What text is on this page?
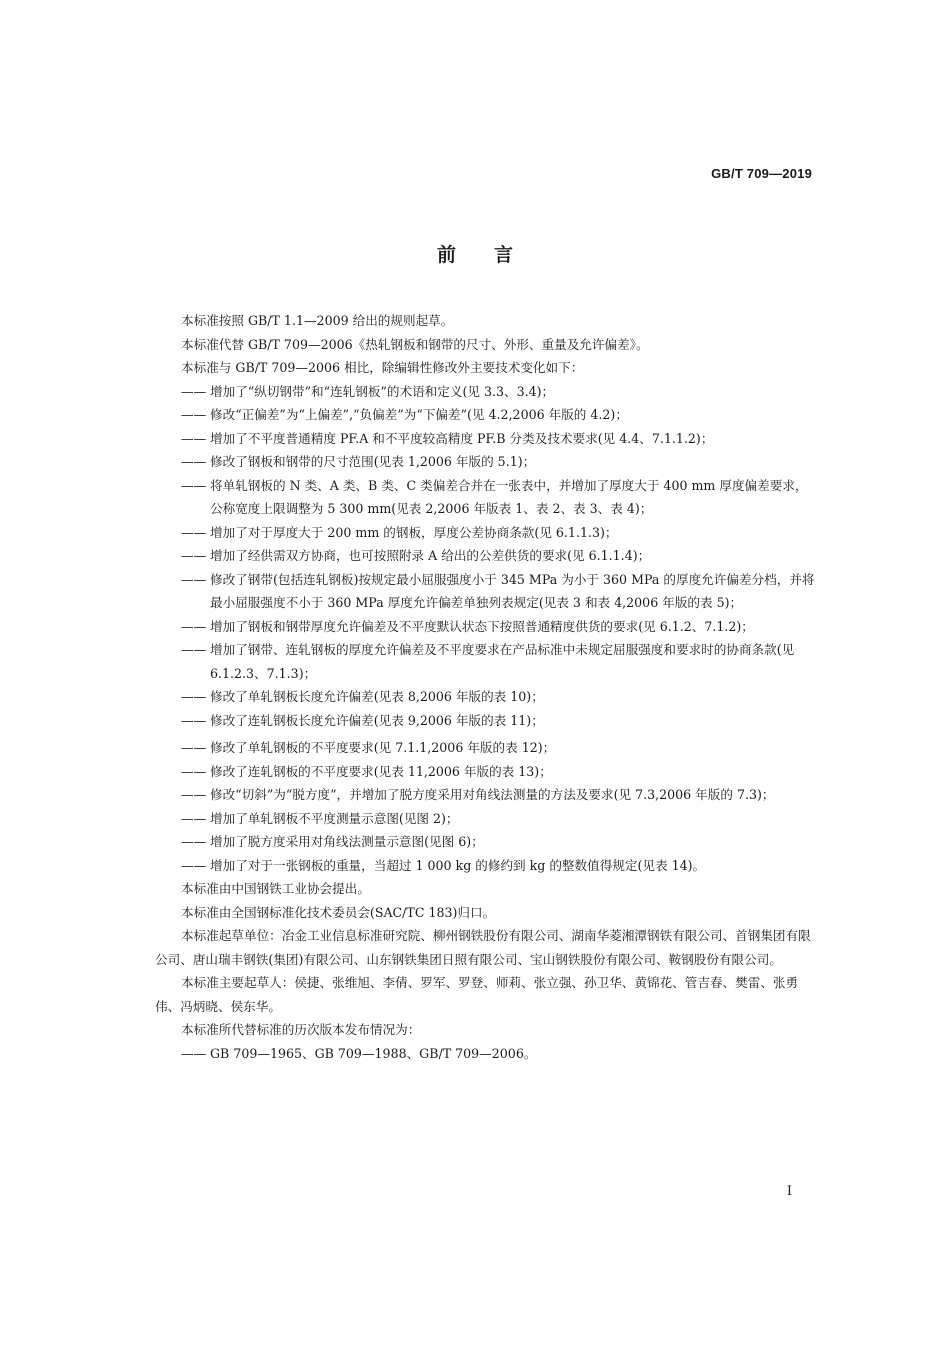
GB/T 709—2019
前言

本标准按照 GB/T 1.1—2009 给出的规则起草。

本标准代替 GB/T 709—2006《热轧钢板和钢带的尺寸、外形、重量及允许偏差》。

本标准与 GB/T 709—2006 相比，除编辑性修改外主要技术变化如下：

—— 增加了“纵切钢带”和“连轧钢板”的术语和定义(见 3.3、3.4)；
—— 修改“正偏差”为“上偏差”,“负偏差”为“下偏差”(见 4.2,2006 年版的 4.2)；
—— 增加了不平度普通精度 PF.A 和不平度较高精度 PF.B 分类及技术要求(见 4.4、7.1.1.2)；
—— 修改了钢板和钢带的尺寸范围(见表 1,2006 年版的 5.1)；
—— 将单轧钢板的 N 类、A 类、B 类、C 类偏差合并在一张表中，并增加了厚度大于 400 mm 厚度偏差要求，公称宽度上限调整为 5 300 mm(见表 2,2006 年版表 1、表 2、表 3、表 4)；
—— 增加了对于厚度大于 200 mm 的钢板，厚度公差协商条款(见 6.1.1.3)；
—— 增加了经供需双方协商，也可按照附录 A 给出的公差供货的要求(见 6.1.1.4)；
—— 修改了钢带(包括连轧钢板)按规定最小屈服强度小于 345 MPa 为小于 360 MPa 的厚度允许偏差分档，并将最小屈服强度不小于 360 MPa 厚度允许偏差单独列表规定(见表 3 和表 4,2006 年版的表 5)；
—— 增加了钢板和钢带厚度允许偏差及不平度默认状态下按照普通精度供货的要求(见 6.1.2、7.1.2)；
—— 增加了钢带、连轧钢板的厚度允许偏差及不平度要求在产品标准中未规定屈服强度和要求时的协商条款(见 6.1.2.3、7.1.3)；
—— 修改了单轧钢板长度允许偏差(见表 8,2006 年版的表 10)；
—— 修改了连轧钢板长度允许偏差(见表 9,2006 年版的表 11)；
—— 修改了单轧钢板的不平度要求(见 7.1.1,2006 年版的表 12)；
—— 修改了连轧钢板的不平度要求(见表 11,2006 年版的表 13)；
—— 修改“切斜”为“脱方度”，并增加了脱方度采用对角线法测量的方法及要求(见 7.3,2006 年版的 7.3)；
—— 增加了单轧钢板不平度测量示意图(见图 2)；
—— 增加了脱方度采用对角线法测量示意图(见图 6)；
—— 增加了对于一张钢板的重量，当超过 1 000 kg 的修约到 kg 的整数值得规定(见表 14)。

本标准由中国钢铁工业协会提出。

本标准由全国钢标准化技术委员会(SAC/TC 183)归口。

本标准起草单位：冶金工业信息标准研究院、柳州钢铁股份有限公司、湖南华菱湘潭钢铁有限公司、首钢集团有限公司、唐山瑞丰钢铁(集团)有限公司、山东钢铁集团日照有限公司、宝山钢铁股份有限公司、鞍钢股份有限公司。

本标准主要起草人：侯捷、张维旭、李倩、罗军、罗登、师莉、张立强、孙卫华、黄锦花、管吉春、樊雷、张勇伟、冯炳晓、侯东华。

本标准所代替标准的历次版本发布情况为：

—— GB 709—1965、GB 709—1988、GB/T 709—2006。
I
